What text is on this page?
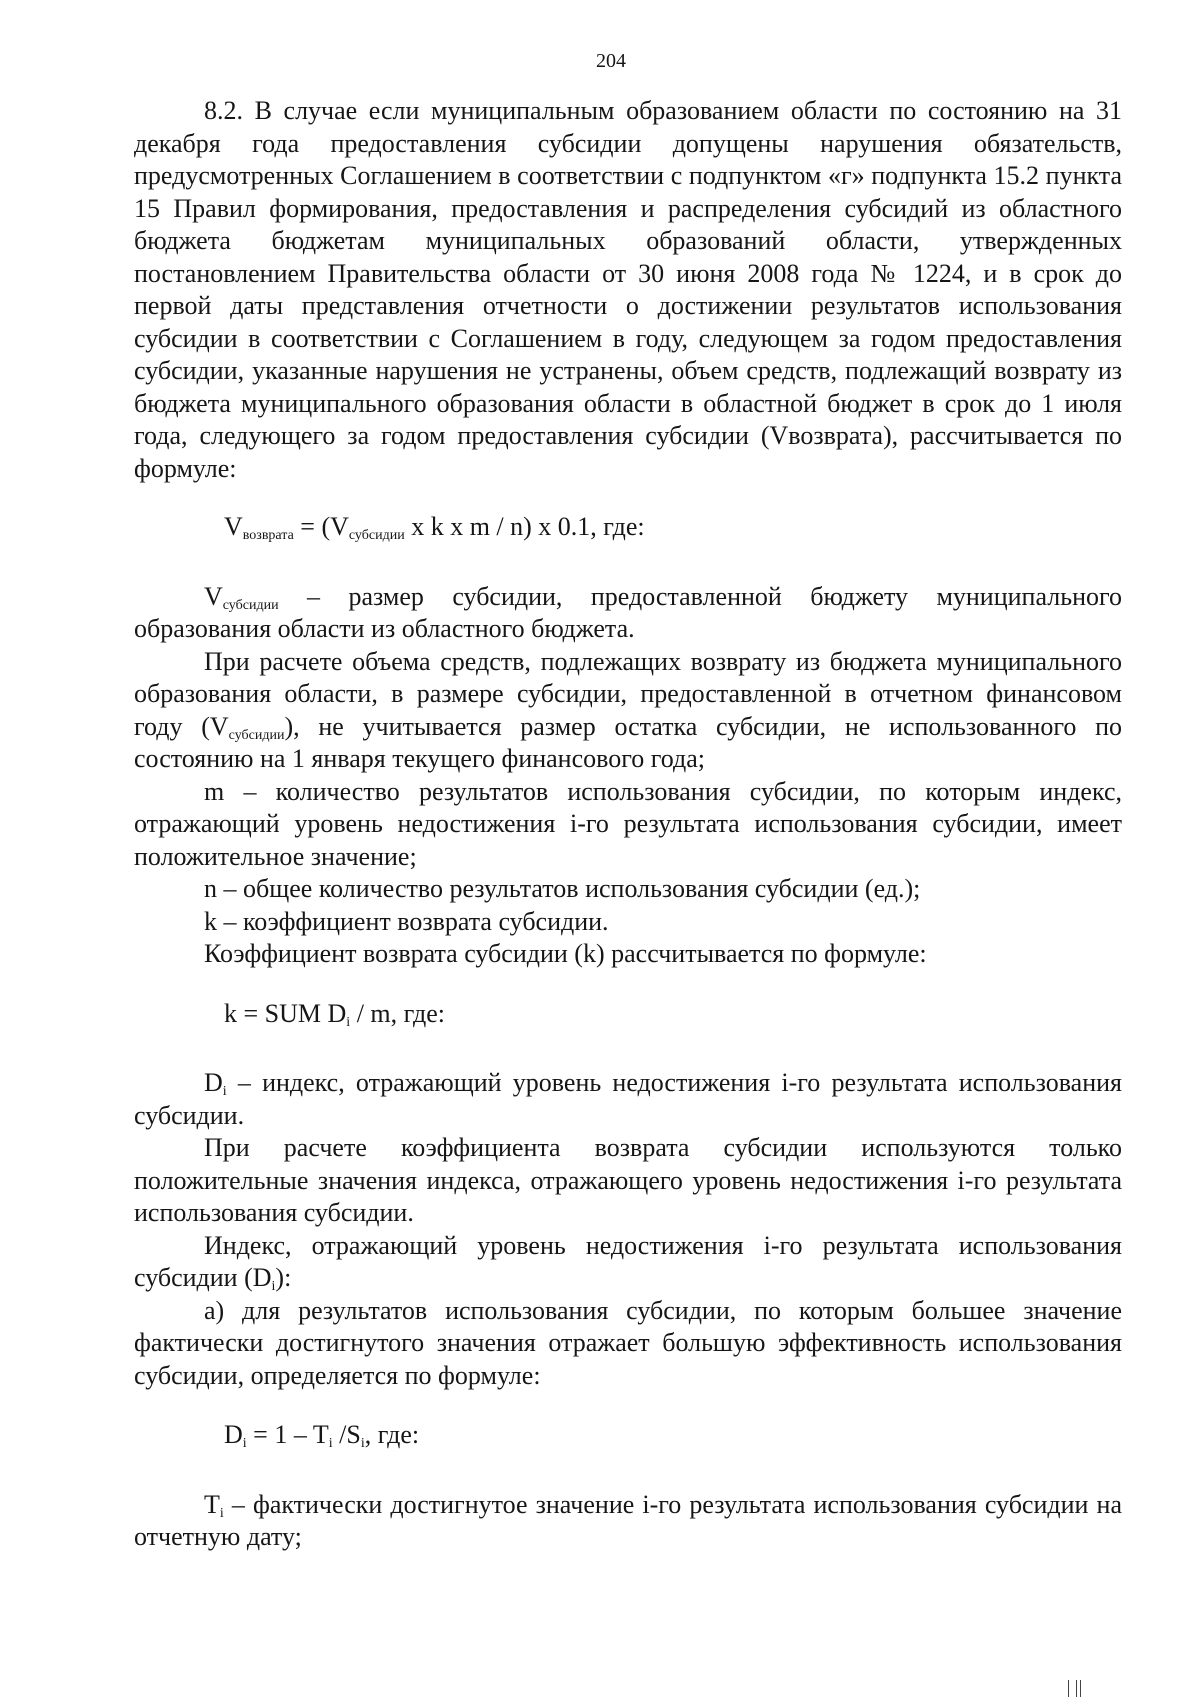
204

8.2. В случае если муниципальным образованием области по состоянию на 31 декабря года предоставления субсидии допущены нарушения обязательств, предусмотренных Соглашением в соответствии с подпунктом «г» подпункта 15.2 пункта 15 Правил формирования, предоставления и распределения субсидий из областного бюджета бюджетам муниципальных образований области, утвержденных постановлением Правительства области от 30 июня 2008 года № 1224, и в срок до первой даты представления отчетности о достижении результатов использования субсидии в соответствии с Соглашением в году, следующем за годом предоставления субсидии, указанные нарушения не устранены, объем средств, подлежащий возврату из бюджета муниципального образования области в областной бюджет в срок до 1 июля года, следующего за годом предоставления субсидии (Vвозврата), рассчитывается по формуле:

$V_{возврата} = (V_{субсидии}$ x k x m / n) x 0.1, где:

$V_{субсидии}$ – размер субсидии, предоставленной бюджету муниципального образования области из областного бюджета.

При расчете объема средств, подлежащих возврату из бюджета муниципального образования области, в размере субсидии, предоставленной в отчетном финансовом году $(V_{субсидии})$, не учитывается размер остатка субсидии, не использованного по состоянию на 1 января текущего финансового года;

m – количество результатов использования субсидии, по которым индекс, отражающий уровень недостижения i-го результата использования субсидии, имеет положительное значение;

n – общее количество результатов использования субсидии (ед.);

k – коэффициент возврата субсидии.

Коэффициент возврата субсидии (k) рассчитывается по формуле:

k = SUM $D_i$ / m, где:

$D_i$ – индекс, отражающий уровень недостижения i-го результата использования субсидии.

При расчете коэффициента возврата субсидии используются только положительные значения индекса, отражающего уровень недостижения i-го результата использования субсидии.

Индекс, отражающий уровень недостижения i-го результата использования субсидии $(D_i)$:

а) для результатов использования субсидии, по которым большее значение фактически достигнутого значения отражает большую эффективность использования субсидии, определяется по формуле:

$D_i = 1 - T_i$ $/S_i$, где:

$T_i$ – фактически достигнутое значение i-го результата использования субсидии на отчетную дату;
